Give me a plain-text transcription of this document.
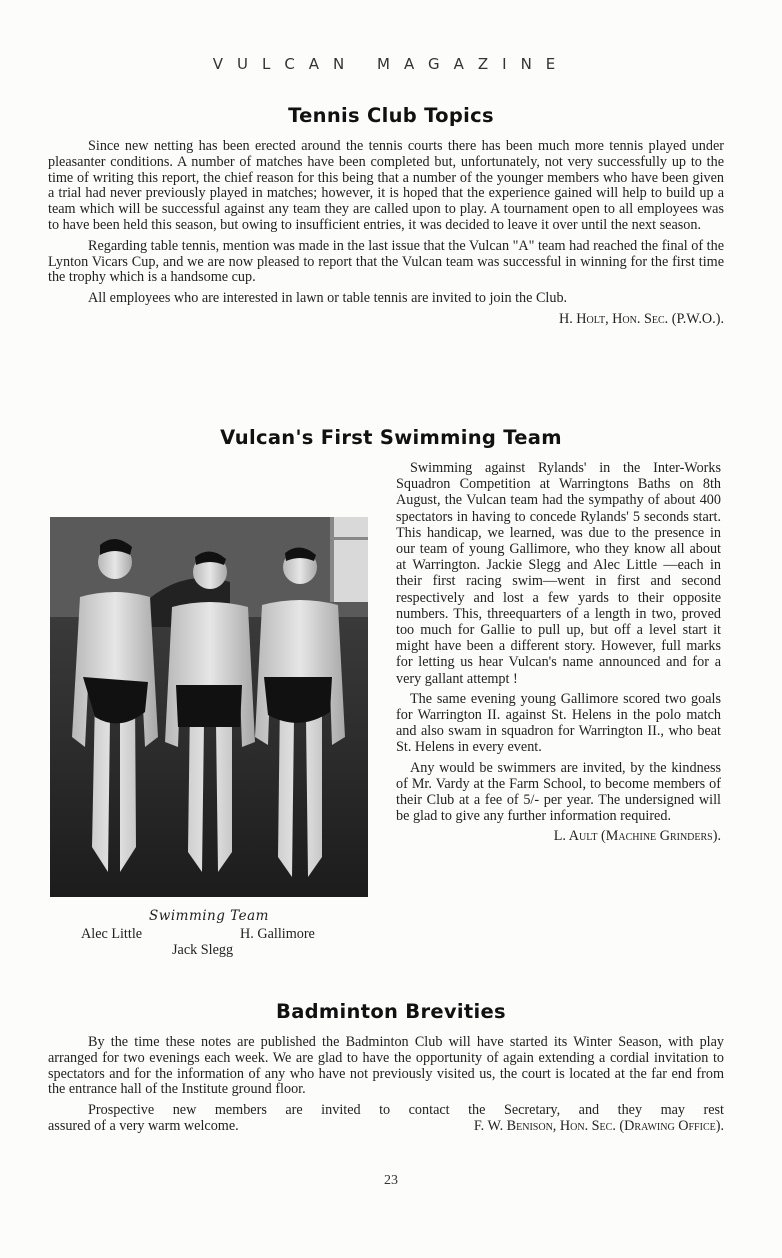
VULCAN MAGAZINE
Tennis Club Topics

Since new netting has been erected around the tennis courts there has been much more tennis played under pleasanter conditions. A number of matches have been completed but, unfortunately, not very successfully up to the time of writing this report, the chief reason for this being that a number of the younger members who have been given a trial had never previously played in matches; however, it is hoped that the experience gained will help to build up a team which will be successful against any team they are called upon to play. A tournament open to all employees was to have been held this season, but owing to insufficient entries, it was decided to leave it over until the next season.

Regarding table tennis, mention was made in the last issue that the Vulcan "A" team had reached the final of the Lynton Vicars Cup, and we are now pleased to report that the Vulcan team was successful in winning for the first time the trophy which is a handsome cup.

All employees who are interested in lawn or table tennis are invited to join the Club.

H. Holt, Hon. Sec. (P.W.O.).

Vulcan's First Swimming Team
Swimming Team
Alec Little	H. Gallimore
Jack Slegg

Swimming against Rylands' in the Inter-Works Squadron Competition at Warringtons Baths on 8th August, the Vulcan team had the sympathy of about 400 spectators in having to concede Rylands' 5 seconds start. This handicap, we learned, was due to the presence in our team of young Gallimore, who they know all about at Warrington. Jackie Slegg and Alec Little —each in their first racing swim—went in first and second respectively and lost a few yards to their opposite numbers. This, threequarters of a length in two, proved too much for Gallie to pull up, but off a level start it might have been a different story. However, full marks for letting us hear Vulcan's name announced and for a very gallant attempt !

The same evening young Gallimore scored two goals for Warrington II. against St. Helens in the polo match and also swam in squadron for Warrington II., who beat St. Helens in every event.

Any would be swimmers are invited, by the kindness of Mr. Vardy at the Farm School, to become members of their Club at a fee of 5/- per year. The undersigned will be glad to give any further information required.

L. Ault (Machine Grinders).

Badminton Brevities

By the time these notes are published the Badminton Club will have started its Winter Season, with play arranged for two evenings each week. We are glad to have the opportunity of again extending a cordial invitation to spectators and for the information of any who have not previously visited us, the court is located at the far end from the entrance hall of the Institute ground floor.

Prospective new members are invited to contact the Secretary, and they may rest

assured of a very warm welcome.	F. W. Benison, Hon. Sec. (Drawing Office).
23
